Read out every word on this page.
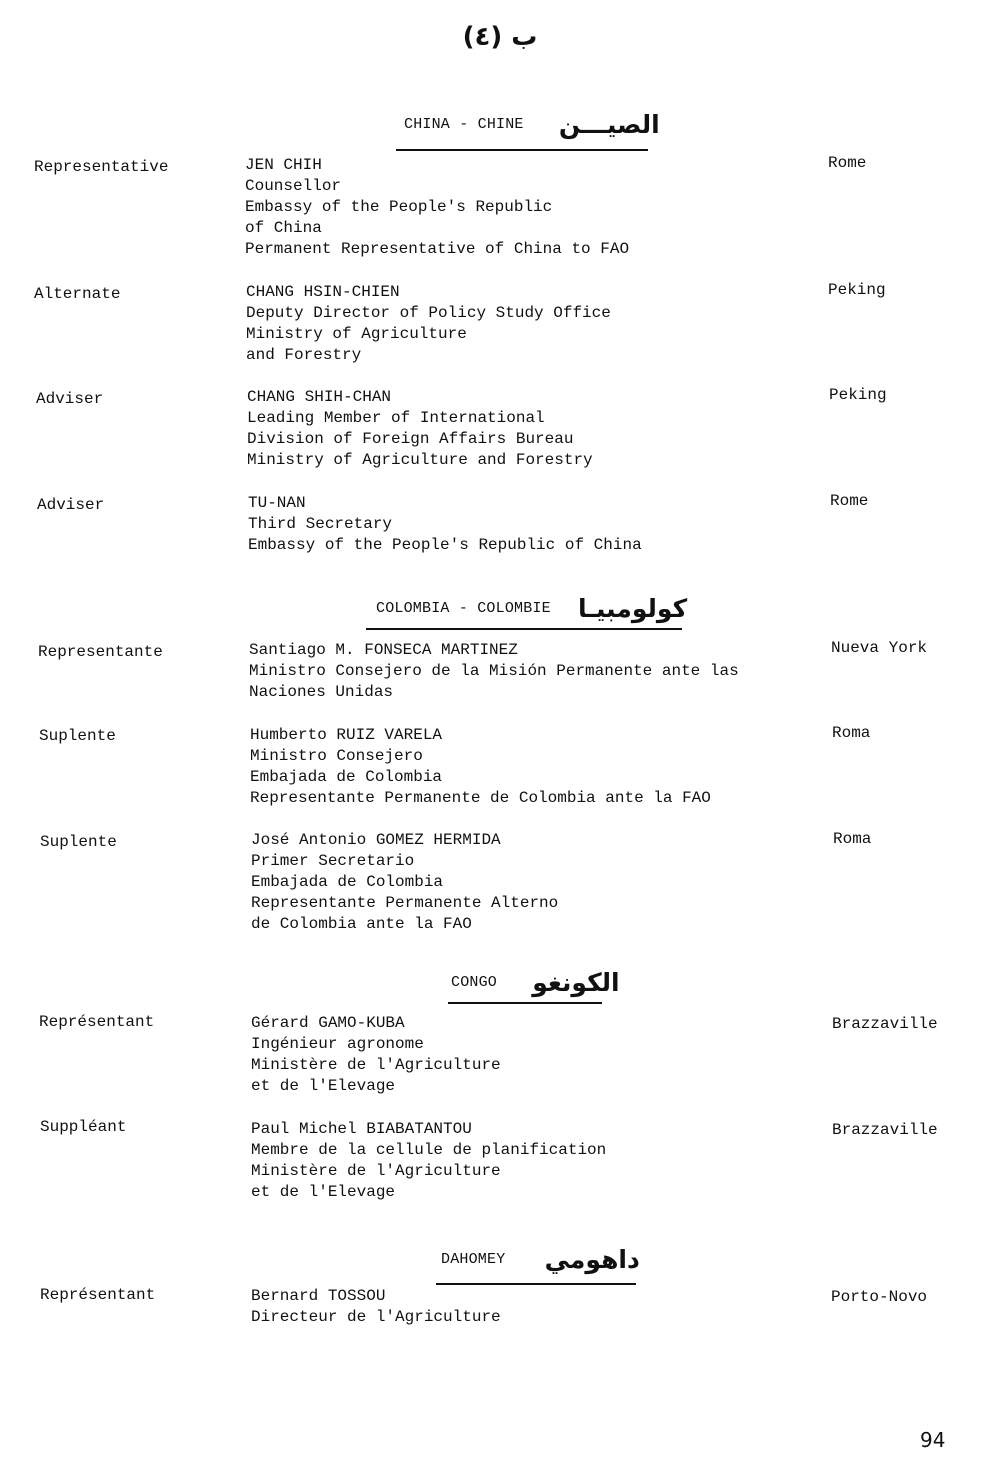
ب (٤)
CHINA - CHINE الصيـــن
Representative	JEN CHIH
Counsellor
Embassy of the People's Republic
of China
Permanent Representative of China to FAO
Rome
Alternate	CHANG HSIN-CHIEN
Deputy Director of Policy Study Office
Ministry of Agriculture
and Forestry
Peking
Adviser	CHANG SHIH-CHAN
Leading Member of International
Division of Foreign Affairs Bureau
Ministry of Agriculture and Forestry
Peking
Adviser	TU-NAN
Third Secretary
Embassy of the People's Republic of China
Rome
COLOMBIA - COLOMBIE كولومبيـا
Representante	Santiago M. FONSECA MARTINEZ
Ministro Consejero de la Misión Permanente ante las
Naciones Unidas
Nueva York
Suplente	Humberto RUIZ VARELA
Ministro Consejero
Embajada de Colombia
Representante Permanente de Colombia ante la FAO
Roma
Suplente	José Antonio GOMEZ HERMIDA
Primer Secretario
Embajada de Colombia
Representante Permanente Alterno
de Colombia ante la FAO
Roma
CONGO الكونغو
Représentant	Gérard GAMO-KUBA
Ingénieur agronome
Ministère de l'Agriculture
et de l'Elevage
Brazzaville
Suppléant	Paul Michel BIABATANTOU
Membre de la cellule de planification
Ministère de l'Agriculture
et de l'Elevage
Brazzaville
DAHOMEY داهومي
Représentant	Bernard TOSSOU
Directeur de l'Agriculture
Porto-Novo
94
